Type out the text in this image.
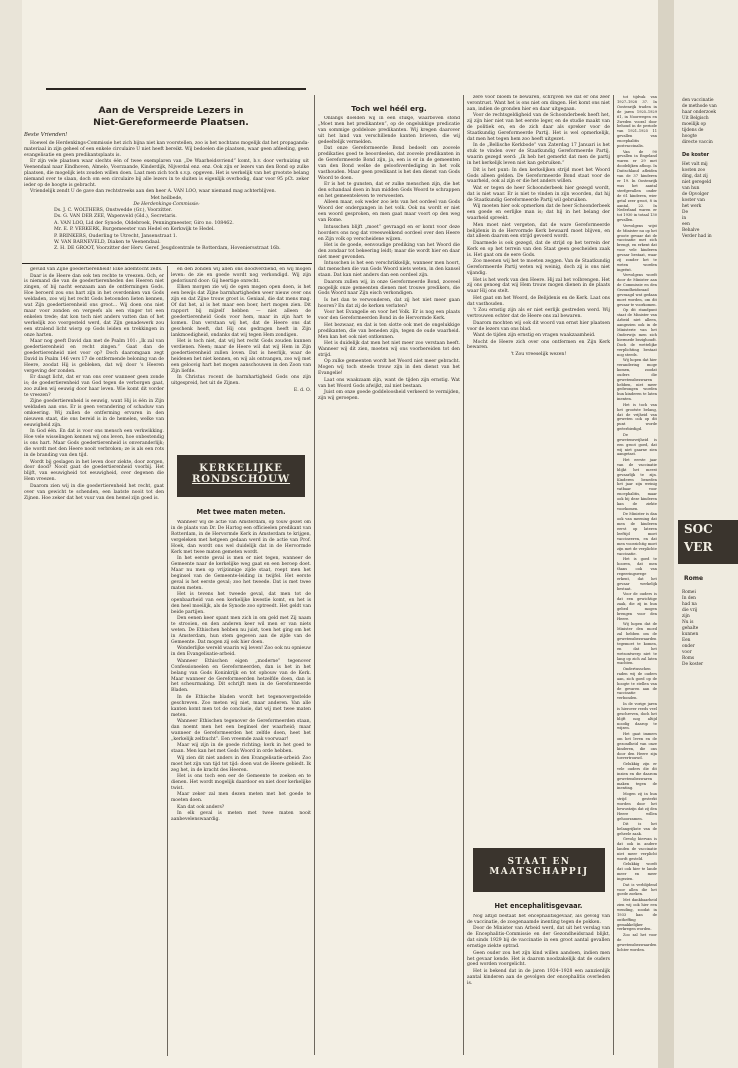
Aan de Verspreide Lezers in
Niet-Gereformeerde Plaatsen.

Beste Vrienden!

Hoewel de Herdenkings-Commissie het zich bijna niet kan voorstellen, zoo is het nochtans mogelijk dat het propaganda-materiaal in zijn geheel of een enkele circulaire U niet heeft bereikt. Wij bedoelen die plaatsen, waar geen afdeeling, geen evangelisatie en geen predikantsplaats is.

Er zijn vele plaatsen waar slechts één of twee exemplaren van „De Waarheidsvriend” komt, b.v. door verhuizing uit Veenendaal naar Eindhoven, Almelo, Voorzaande, Kinderdijk, Nijverdal enz. enz. Ook zijn er lezers van den Bond op zulke plaatsen, die mogelijk iets zouden willen doen. Laat men zich toch s.v.p. opgeven. Het is werkelijk van het grootste belang niemand over te slaan, doch om een circulaire bij alle lezers in te sluiten is eigenlijk overbodig, daar voor 95 pCt. zeker ieder op de hoogte is gebracht.

Vriendelijk zendt U de gave dan rechtstreeks aan den heer A. VAN LOO, waar niemand mag achterblijven.

Met heilbede,
De Herdenkings-Commissie:
Ds. J. C. WOLTHERS, Onstwedde (Gr.), Voorzitter.
Ds. G. VAN DER ZEE, Wapenveld (Gld.), Secretaris.
A. VAN LOO, Lid der Synode, Oldebroek, Penningmeester, Giro no. 108462.
Mr. E. P. VERKERK, Burgemeester van Hedel en Kerkwijk te Hedel.
P. BRINKERS, Ouderling te Utrecht, Jansenstraat 1.
W. VAN BARNEVELD, Diaken te Veenendaal.
Z. H. DE GROOT, Voorzitter der Herv. Geref. Jeugdcentrale te Rotterdam, Hoveniersstraat 16b.

gevuld van Zijne goedertierenheid! Elke ademtocht zelfs.

Daar is de Heere dan ook ten rechte te vreezen. Och, er is niemand die van de goedertierenheden des Heeren niet zingen, of bij nacht eenzaam aan de ontfermingen Gods. Hoe beroerd zou ons hart zijn in het overdenken van Gods weldaden, zoo wij het recht Gods betoonden lieten kennen, wat Zijn goedertierenheid ons groot... Wij doen ons niet maar voor zonden en vergeefs als een vinger tot een enkelen trede; dat kon toch niet anders vatten dan of het werkelijk zoo voorgesteld werd, dat Zijn genadewerk zou een stralend licht wierp op Gods leiden en trekkingen in onze harten.

Maar nog geeft David dan met de Psalm 101: „Ik zal van goedertierenheid en recht zingen.” Gaat dan de goedertierenheid niet voor op? Doch daaromgaan zegt David in Psalm 146 vers 17 de ontfermende beloning van de Heere, zoodat Hij is gebleken, dat wij door 's Heeren vergeving der zonden.

Er daagt licht, dat er van ons over wanneer geen zonde is; de goedertierenheid van God tegen de verborgen gaat, zoo zullen wij eeuwig door haar leven. Wie komt dit vorder te vreezen?

Zijne goedertierenheid is eeuwig, want Hij is één in Zijn weldaden aan ons. Er is geen verandering of schaduw van omkeering. Wij zullen de ontferming ervaren in den nieuwen staat, die ons bereid is in de hemelen, welke van eeuwigheid zijn.

In God één. En dat is voor ons mensch een verkwikking. Hoe vele wisselingen kennen wij ons leven, hoe onbestendig is ons hart. Maar Gods goedertierenheid is onveranderlijk; die wordt met den Heere nooit verbroken; ze is als een rots in de branding van den tijd.

Wordt bij geslagen in het leven door ziekte, door zorgen, door dood? Nooit gaat de goedertierenheid voorbij. Het blijft, van eeuwigheid tot eeuwigheid, over degenen die Hem vreezen.

Daarom zien wij in die goedertierenheid het recht, gaat over van gewicht te schenden, een laatste nooit tot den Zijnen. Hoe zeker dat het vuur van den hemel zijn goed is.

en den zonden wij allen ons doodverdiend, en wij mogen leven: de zie en goede wordt nog verkondigd. Wij zijn gedoriuurd door: Gij heertige onrecht.

Elken morgen zie wij de ogen mogen open doen, is het een bewijs dat Zijne barmhartigheden weer nieuw over ons zijn en dat Zijne trouw groot is. Geniaal, die dat mens mag. Of dat het, al is het maar een boer, hert mogen zien. Dit rapport bij mijzelf hebben — niet alleen de goedertierenheid Gods voor hem, maar in zijn hart te komen. Dan verstaan wij het, dat de Heere ons dat geschenk heeft, dat Hij ons gedragen heeft in Zijn lankmoedigheid, ondanks dat wij tegen Hem zondigen.

Het is toch niet, dat wij het recht Gods zouden kunnen verdienen. Neen; maar de Heere wil dat wij Hem in Zijn goedertierenheid zullen loven. Dat is heerlijk, waar de heidenen het niet kennen, en wij als ontvangen, zoo wij met een geloovig hart het mogen aanschouwen in den Zoon van Zijn liefde.

In Christus rocent de barmhartigheid Gods ons zijn uitgespreid, het uit de Zijnen.

E. d. O.
KERKELIJKE
RONDSCHOUW
Met twee maten meten.

Wanneer wij de actie van Amsterdam, op touw gezet om in de plaats van Dr. De Hartog een officieelen predikant van Rotterdam, in de Hervormde Kerk in Amsterdam te krijgen, vergeleken met hetgeen gedaan werd in de actie van Prof. Hoek, dan wordt ons wel duidelijk dat in de Hervormde Kerk met twee maten gemeten wordt.

In het eerste geval is men er niet tegen, wanneer de Gemeente naar de kerkelijke weg gaat en een beroep doet. Maar nu men op vrijzinnige zijde staat, roept men het beginsel van de Gemeente-leiding in twijfel. Het eerste geval is het eerste geval; zoo het tweede. Dat is met twee maten meten.

Het is tevens het tweede geval, dat men tot de openbaarheid van een kerkelijke kwestie komt, en het is den heel moeilijk, als de Synode zoo optreedt. Het geldt van beide partijen.

Den eenen keer spant men zich in om geld met Zij naam te strooien, en den anderen keer wil men er van niets weten. De Ethischen hebben nu juist, toen het ging om het in Amsterdam, hun stem gegeven aan de zijde van de Gemeente. Dat mogen zij ook hier doen.

Wonderlijke wereld waarin wij leven! Zoo ook nu opnieuw in den Evangelisatie-arbeid.

Wanneer Ethischen eigen „moderne” tegenover Confessioneelen en Gereformeerden, dan is het in het belang van Gods Koninkrijk en tot opbouw van de Kerk. Maar wanneer de Gereformeerden hetzelfde doen, dan is het scheurmaking. Dit schrijft men in de Gereformeerde Bladen.

In de Ethische bladen wordt het tegenovergestelde geschreven. Zoo meten wij niet, maar anderen. Van alle kanten komt men tot de conclusie, dat wij met twee maten meten.

Wanneer Ethischen tegenover de Gereformeerden staan, dan noemt men het een beginsel der waarheid; maar wanneer de Gereformeerden het zelfde doen, heet het „kerkelijk zelfzucht”. Een vreemde zaak voorwaar!

Maar wij zijn in de goede richting; kerk in het goed te staan. Men kan het met Gods Woord in orde hebben.

Wij zien dit niet anders in den Evangelisatie-arbeid: Zoo moet het zijn van tijd tot tijd: doen wat de Heere gebiedt. Ik zeg het, in de kracht des Heeren.

Het is ons toch een eer de Gemeente te zoeken en te dienen. Het wordt mogelijk daardoor en niet door kerkelijke twist.

Maar zeker zal men dezen meten met het goede te moeten doen.

Kan dat ook anders?

In elk geval is meten met twee maten nooit aanbevelenswaardig.

Toch wel héél erg.

Onlangs doelden wij in een stukje, waarboven stond „Moet men het predikanten”, op de ongelukkige predicatie van sommige goddeloze predikanten. Wij kregen daarover uit het land van verschillende kanten brieven, die wij gedeeltelijk vermelden.

Dat onze Gereformeerde Bond bedoelt om zoovele predikaties goed te beoordeelen, dat zoovele predikanten in de Gereformeerde Bond zijn, ja, een is er in de gemeenten van den Bond welke de geloofsverdediging in het volk vasthouden. Maar geen predikant is het den dienst van Gods Woord te doen.

Er is het te gunsten, dat er zulke menschen zijn, die het den schandaal doen in hun midden Gods Woord te schrappen en het gemeenteleven te verwoesten.

Alleen maar, ook weder zoo iets van het oordeel van Gods Woord der ondergangen in het volk. Ook nu wordt er niet een woord gesproken, en men gaat maar voort op den weg van Rome.

Intusschen blijft „moet” gevraagd en er komt voor deze hoorders ons nog dat vreeswekkend oordeel over den Heere en Zijn volk op verscheidene wijzen.

Het is de goede, eenvoudige prediking van het Woord die den zondaar tot bekeering leidt; maar die wordt hier en daar niet meer gevonden.

Intusschen is het een verschrikkelijk, wanneer men hoort, dat menschen die van Gods Woord niets weten, in den kansel staan. Dat kan niet anders dan een oordeel zijn.

Daarom zullen wij, in onze Gereformeerde Bond, zooveel mogelijk onze gemeenten dienen met trouwe predikers, die Gods Woord naar Zijn eisch verkondigen.

Is het dan te verwonderen, dat zij het niet meer gaan hooren? En dat zij de kerken verlaten?

Voor het Evangelie en voor het Volk. Er is nog een plaats voor den Gereformeerden Bond in de Hervormde Kerk.

Het bezwaar, en dat is ten slotte ook met de ongelukkige predikanten, die van beneden zijn, tegen de oude waarheid. Men kan het ook niet ontkennen.

Het is duidelijk dat men het niet meer zoo verstaan heeft. Wanneer wij dit zien, moeten wij ons voorbereiden tot den strijd.

Op zulke gemeenten wordt het Woord niet meer gebracht. Mogen wij toch steeds trouw zijn in den dienst van het Evangelie!

Laat ons waakzaam zijn, want de tijden zijn ernstig. Wat van het Woord Gods afwijkt, zal niet bestaan.

Juist om onze goede goddeloosheid verkeerd te vermijden, zijn wij geroepen.

zere voor bloem te bewaren, schrijven we dat er ons zeer verontrust. Want het is ons niet om dingen. Het komt ons niet aan, indien de gronden hier en daar uitgegaan.

Voor de rechtsgeldigheid van de Schoonderbeek heeft het, zij zijn hier niet van het eerste leger, en de studie maakt van de politiek en, en de zich daar als spreker voor de Staatkundig Gereformeerde Partij. Het is wel opmerkelijk, dat men het tegen hem zoo heeft uitgezet.

In de „Bellische Kerkbode” van Zaterdag 17 Januari is het stuk te vinden over de Staatkundig Gereformeerde Partij, waarin gezegd werd: „Ik heb het gemerkt dat men de partij in het kerkelijk leven niet kan gebruiken.”

Dit is het punt: In den kerkelijken strijd moet het Woord Gods alleen gelden. De Gereformeerde Bond staat voor de waarheid, ook al zijn er die het anders willen.

Wat er tegen de heer Schoonderbeek hier gezegd wordt, dat is niet waar. Er is niet te vinden in zijn woorden, dat hij de Staatkundig Gereformeerde Partij wil gebruiken.

Wij moeten hier ook opmerken dat de heer Schoonderbeek een goede en eerlijke man is; dat hij in het belang der waarheid spreekt.

Men moet niet vergeten, dat de ware Gereformeerde belijdenis in de Hervormde Kerk bewaard moet blijven, en dat alleen daarom een strijd gevoerd wordt.

Daarmede is ook gezegd, dat de strijd op het terrein der Kerk en op het terrein van den Staat geen gescheiden zaak is. Het gaat om de eere Gods.

Zoo meenen wij het te moeten zeggen. Van de Staatkundig Gereformeerde Partij weten wij weinig, doch zij is ons niet vijandig.

Het is het werk van den Heere. Hij zal het volbrengen. Het zij ons genoeg dat wij Hem trouw mogen dienen in de plaats waar Hij ons stelt.

Het gaat om het Woord, de Belijdenis en de Kerk. Laat ons dat vasthouden.

't Zou ernstig zijn als er niet eerlijk gestreden werd. Wij vertrouwen echter dat de Heere ons zal bewaren.

Daarom mochten wij ook dit woord van ernst hier plaatsen voor de lezers van ons blad.

Want de tijden zijn ernstig en vragen waakzaamheid.

Mocht de Heere zich over ons ontfermen en Zijn Kerk bewaren.

't Zou vreeselijk wezen!

STAAT EN
MAATSCHAPPIJ
Het encephalitisgevaar.

Nog altijd bestaat het encephalitisgevaar, als gevolg van de vaccinatie, de zoogenaamde inenting tegen de pokken.

Door de Minister van Arbeid werd, dat uit het verslag van de Encephalitis-Commissie en der Gezondheidsraad blijkt, dat sinds 1929 bij de vaccinatie in een groot aantal gevallen ernstige ziekte optrad.

Geen ouder zou het zijn kind willen aandoen, indien men het gevaar kende. Het is daarom noodzakelijk dat de ouders goed worden voorgelicht.

Het is bekend dat in de jaren 1924–1928 een aanzienlijk aantal kinderen aan de gevolgen der encephalitis overleden is.

tot tijdvak van 1927–1928 37. In Oostenrijk traden in de jaren 1925–1929 61, in Noorwegen en Zweden vooral door behoud in de periode van 1921–1925 11 gevallen van encephalitis postvaccinalis.

Van de 90 gevallen in Engeland waren er 29 met doodelijken afloop. In Duitschland afleiden van de 37 kinderen er 19. In Oostenrijk was het aantal sterfgevallen onder de 61 kinderen, wier getal zeer groot, 8 in aantal, 22. In Nederland waren er tot 1930 in totaal 130 gevallen.

Vervolgens wijst de Minister nu op het groote gevaar dat de vaccinatie met zich brengt, en erkent dat voor vele kinderen gevaar bestaat, waar zij zonder het te weten worden ingeënt.

Vervolgens wordt door de Minister aan de Commissie en den Gezondheidsraad gevraagd wat gedaan moet worden, om dit gevaar te voorkomen.

Op dit standpunt staat de Minister van Arbeid niet alleen, aangezien ook in de Ministerie van het Onderwijs men zich hiermede bezighoudt. Doch de wettelijke verplichting bestaat nog steeds.

Wij hopen dat hier verandering moge komen, zoodat ouders die gewetensbezwaren hebben, niet meer gedwongen worden hun kinderen te laten inenten.

Het is toch van het grootste belang, dat de vrijheid van geweten ook op dit punt worde geëerbiedigd.

De gewetensvrijheid is een groot goed, dat wij niet gaarne zien aangetast.

Het eerste jaar van de vaccinatie blijkt het meest gevaarlijk te zijn. Kinderen beneden het jaar zijn weinig vatbaar voor encephalitis, maar ook bij deze kinderen kan de ziekte voorkomen.

De Minister is dan ook van meening dat men de kinderen eerst op lateren leeftijd moet vaccineeren, en dat men voorzichtig moet zijn met de verplichte vaccinatie.

Het is goed te hooren, dat men thans ook van regeeringswege erkent, dat het gevaar werkelijk bestaat.

Voor de ouders is dat een gewichtige zaak, die zij in hun gebed mogen brengen voor den Heere.

Wij hopen dat de Minister den moed zal hebben om de gewetensbezwaarden tegemoet te komen, en dat het wetsontwerp niet te lang op zich zal laten wachten.

Ondertusschen raden wij de ouders aan, zich goed op de hoogte te stellen van de gevaren aan de vaccinatie verbonden.

In de vorige jaren is hierover reeds veel geschreven, doch het blijft nog altijd noodig daarop te wijzen.

Het gaat immers om het leven en de gezondheid van onze kinderen, die ons door den Heere zijn toevertrouwd.

Gelukkig zijn er vele ouders die dit inzien en die daarom gewetensbezwaren maken tegen de inenting.

Mogen zij in hun strijd gesterkt worden door het bewustzijn dat zij den Heere willen gehoorzamen.

Dit is het belangrijkste van de geheele zaak.

Gevolg hiervan is dat ook in andere landen de vaccinatie niet meer verplicht wordt gesteld.

Gelukkig wordt dat ook hier te lande meer en meer ingezien.

Dat is verblijdend voor allen die het goede zoeken.

Met dankbaarheid zien wij ook hier een wending, zoodat in 1933 kan de ontheffing gemakkelijker verkregen worden.

Zoo zal het voor de gewetensbezwaarden lichter worden.

den vaccinatie
de methode van
haar onderzoek
Uit Belgisch
moeilijk op
tijdens de
hoogte
directe vaccin
De koster
Het valt mij
kosten zoo
ding, dat zij
niet geregeld
van hun
de Opvolger
koster van
het werk
De
in
een
Behalve
Verder had in
SOC
VER
Rome
Romei
In den
had na
die vrij
zijn
Nu is
gehalte
kunnen
Een
onder
voor
Roms
De koster
